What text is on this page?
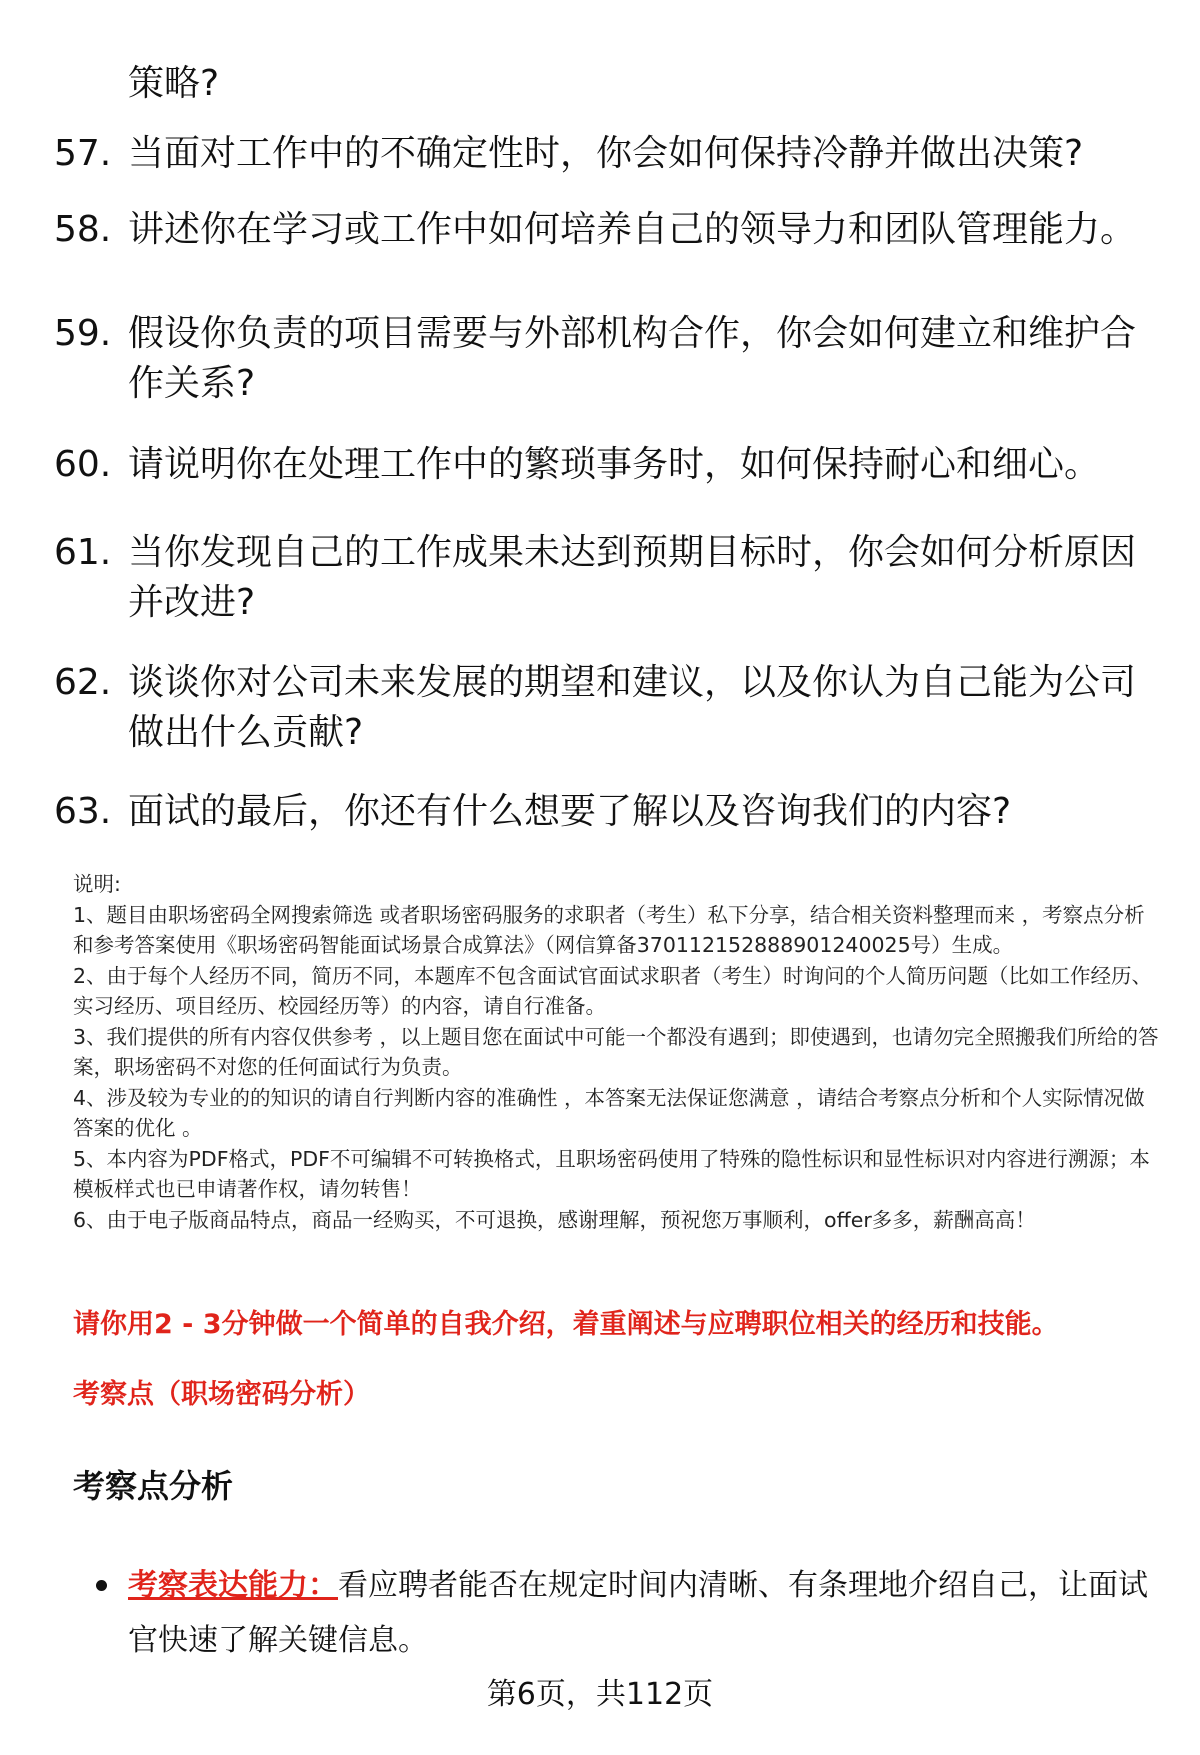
策略?
57. 当面对工作中的不确定性时，你会如何保持冷静并做出决策?
58. 讲述你在学习或工作中如何培养自己的领导力和团队管理能力。
59. 假设你负责的项目需要与外部机构合作，你会如何建立和维护合作关系?
60. 请说明你在处理工作中的繁琐事务时，如何保持耐心和细心。
61. 当你发现自己的工作成果未达到预期目标时，你会如何分析原因并改进?
62. 谈谈你对公司未来发展的期望和建议，以及你认为自己能为公司做出什么贡献?
63. 面试的最后，你还有什么想要了解以及咨询我们的内容?

说明:

1、题目由职场密码全网搜索筛选 或者职场密码服务的求职者（考生）私下分享，结合相关资料整理而来 ，考察点分析和参考答案使用《职场密码智能面试场景合成算法》（网信算备370112152888901240025号）生成。

2、由于每个人经历不同，简历不同，本题库不包含面试官面试求职者（考生）时询问的个人简历问题（比如工作经历、实习经历、项目经历、校园经历等）的内容，请自行准备。

3、我们提供的所有内容仅供参考 ，以上题目您在面试中可能一个都没有遇到；即使遇到，也请勿完全照搬我们所给的答案，职场密码不对您的任何面试行为负责。

4、涉及较为专业的的知识的请自行判断内容的准确性 ，本答案无法保证您满意 ，请结合考察点分析和个人实际情况做答案的优化 。

5、本内容为PDF格式，PDF不可编辑不可转换格式，且职场密码使用了特殊的隐性标识和显性标识对内容进行溯源；本模板样式也已申请著作权，请勿转售！

6、由于电子版商品特点，商品一经购买，不可退换，感谢理解，预祝您万事顺利，offer多多，薪酬高高！

请你用2 - 3分钟做一个简单的自我介绍，着重阐述与应聘职位相关的经历和技能。
考察点（职场密码分析）
考察点分析
考察表达能力：看应聘者能否在规定时间内清晰、有条理地介绍自己，让面试官快速了解关键信息。
第6页，共112页
